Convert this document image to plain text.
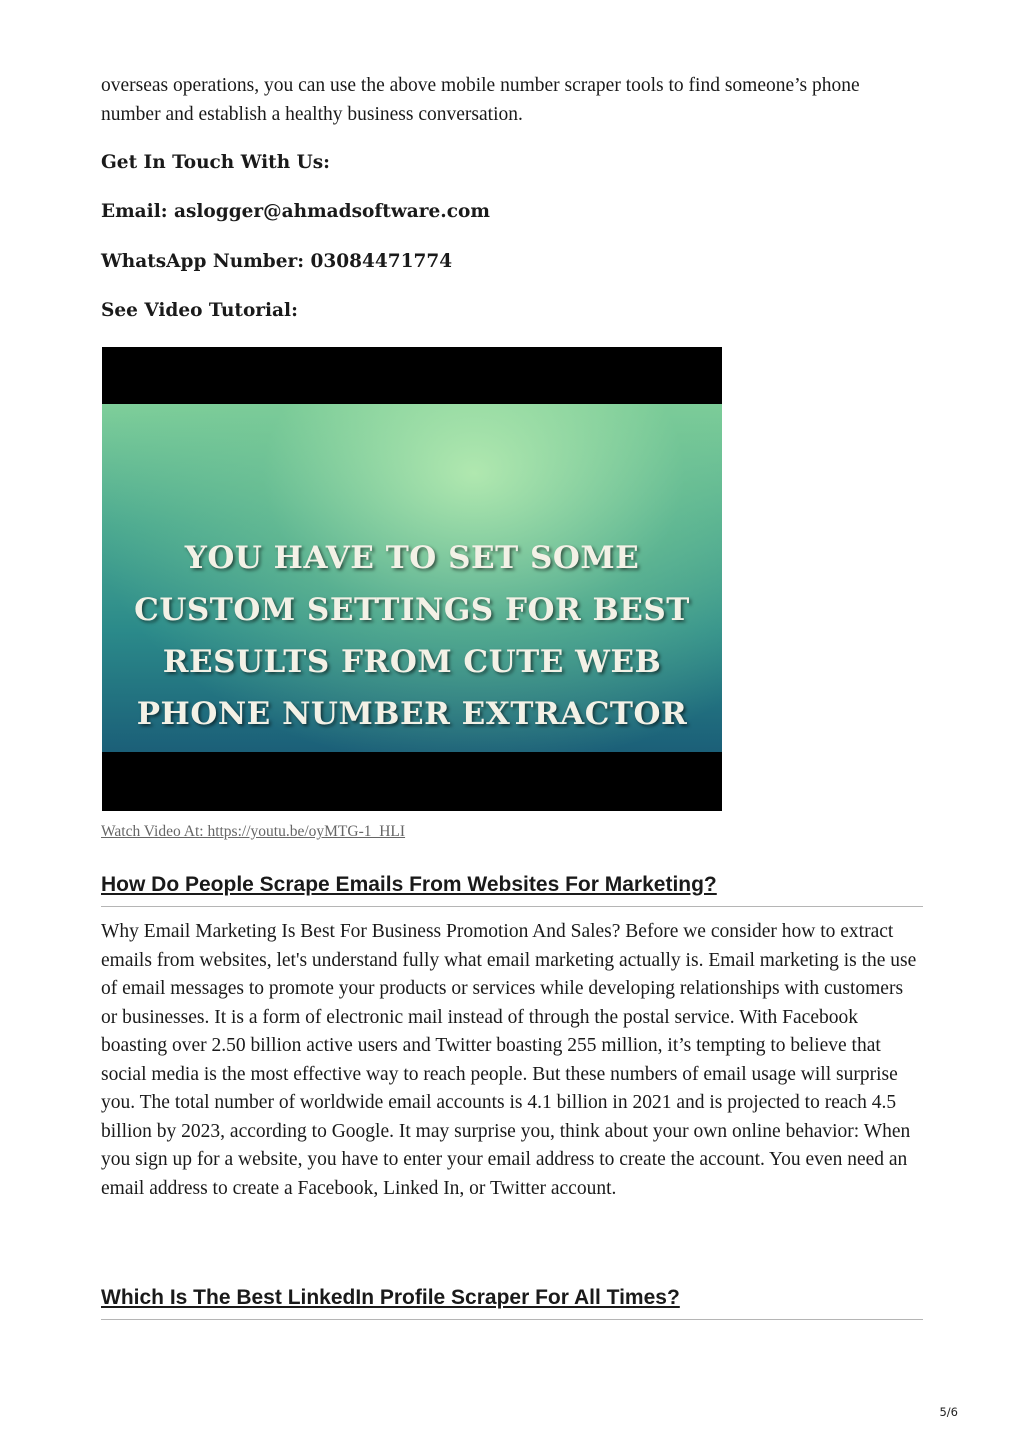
overseas operations, you can use the above mobile number scraper tools to find someone’s phone number and establish a healthy business conversation.

Get In Touch With Us:

Email: aslogger@ahmadsoftware.com

WhatsApp Number: 03084471774

See Video Tutorial:

YOU HAVE TO SET SOME CUSTOM SETTINGS FOR BEST RESULTS FROM CUTE WEB PHONE NUMBER EXTRACTOR
Watch Video At: https://youtu.be/oyMTG-1_HLI
How Do People Scrape Emails From Websites For Marketing?

Why Email Marketing Is Best For Business Promotion And Sales? Before we consider how to extract emails from websites, let's understand fully what email marketing actually is. Email marketing is the use of email messages to promote your products or services while developing relationships with customers or businesses. It is a form of electronic mail instead of through the postal service. With Facebook boasting over 2.50 billion active users and Twitter boasting 255 million, it’s tempting to believe that social media is the most effective way to reach people. But these numbers of email usage will surprise you. The total number of worldwide email accounts is 4.1 billion in 2021 and is projected to reach 4.5 billion by 2023, according to Google. It may surprise you, think about your own online behavior: When you sign up for a website, you have to enter your email address to create the account. You even need an email address to create a Facebook, Linked In, or Twitter account.

Which Is The Best LinkedIn Profile Scraper For All Times?
5/6
